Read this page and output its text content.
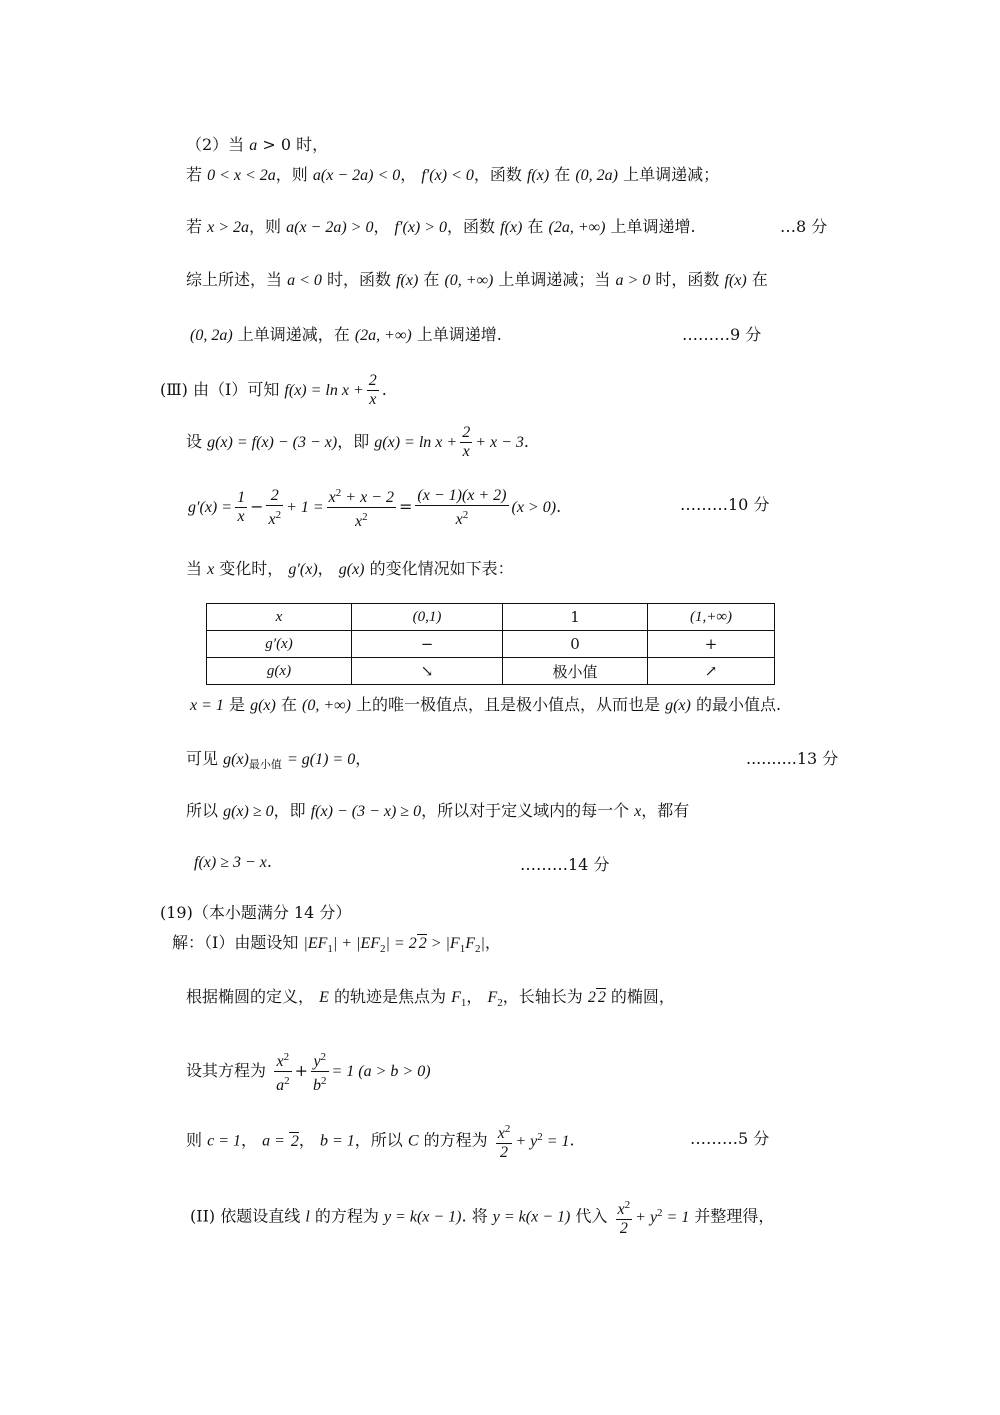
（2）当 a > 0 时，
若 0 < x < 2a，则 a(x − 2a) < 0， f′(x) < 0，函数 f(x) 在 (0, 2a) 上单调递减；
若 x > 2a，则 a(x − 2a) > 0， f′(x) > 0，函数 f(x) 在 (2a, +∞) 上单调递增.	…8 分
综上所述，当 a < 0 时，函数 f(x) 在 (0, +∞) 上单调递减；当 a > 0 时，函数 f(x) 在
(0, 2a) 上单调递减，在 (2a, +∞) 上单调递增.	………9 分
(Ⅲ) 由（Ⅰ）可知 $f(x) = \ln x + \frac{2}{x}$ .
设 g(x) = f(x) − (3 − x)，即 $g(x) = \ln x + \frac{2}{x} + x - 3$.
$g'(x) = \frac{1}{x} - \frac{2}{x^2} + 1 = \frac{x^2 + x - 2}{x^2} = \frac{(x - 1)(x + 2)}{x^2} (x > 0)$.	………10 分
当 x 变化时， g′(x)， g(x) 的变化情况如下表：
x	(0,1)	1	(1,+∞)
g′(x)	−	0	+
g(x)	↘	极小值	↗
x = 1 是 g(x) 在 (0, +∞) 上的唯一极值点，且是极小值点，从而也是 g(x) 的最小值点.
可见 $g(x)_{最小值} = g(1) = 0$，	..........13 分
所以 g(x) ≥ 0，即 f(x) − (3 − x) ≥ 0，所以对于定义域内的每一个 x，都有
f(x) ≥ 3 − x.	………14 分
(19)（本小题满分 14 分）
解：（Ⅰ）由题设知 $|EF_1| + |EF_2| = 2$ $2 > |F_1F_2|$，
根据椭圆的定义， E 的轨迹是焦点为 $F_1$， $F_2$，长轴长为 2 2 的椭圆，
设其方程为 $\frac{x^2}{a^2} + \frac{y^2}{b^2} = 1$ (a > b > 0)
则 c = 1， a = 2， b = 1，所以 C 的方程为 $\frac{x^2}{2} + y^2 = 1$.	………5 分
(II) 依题设直线 l 的方程为 y = k(x − 1). 将 y = k(x − 1) 代入 $\frac{x^2}{2} + y^2 = 1$ 并整理得，
